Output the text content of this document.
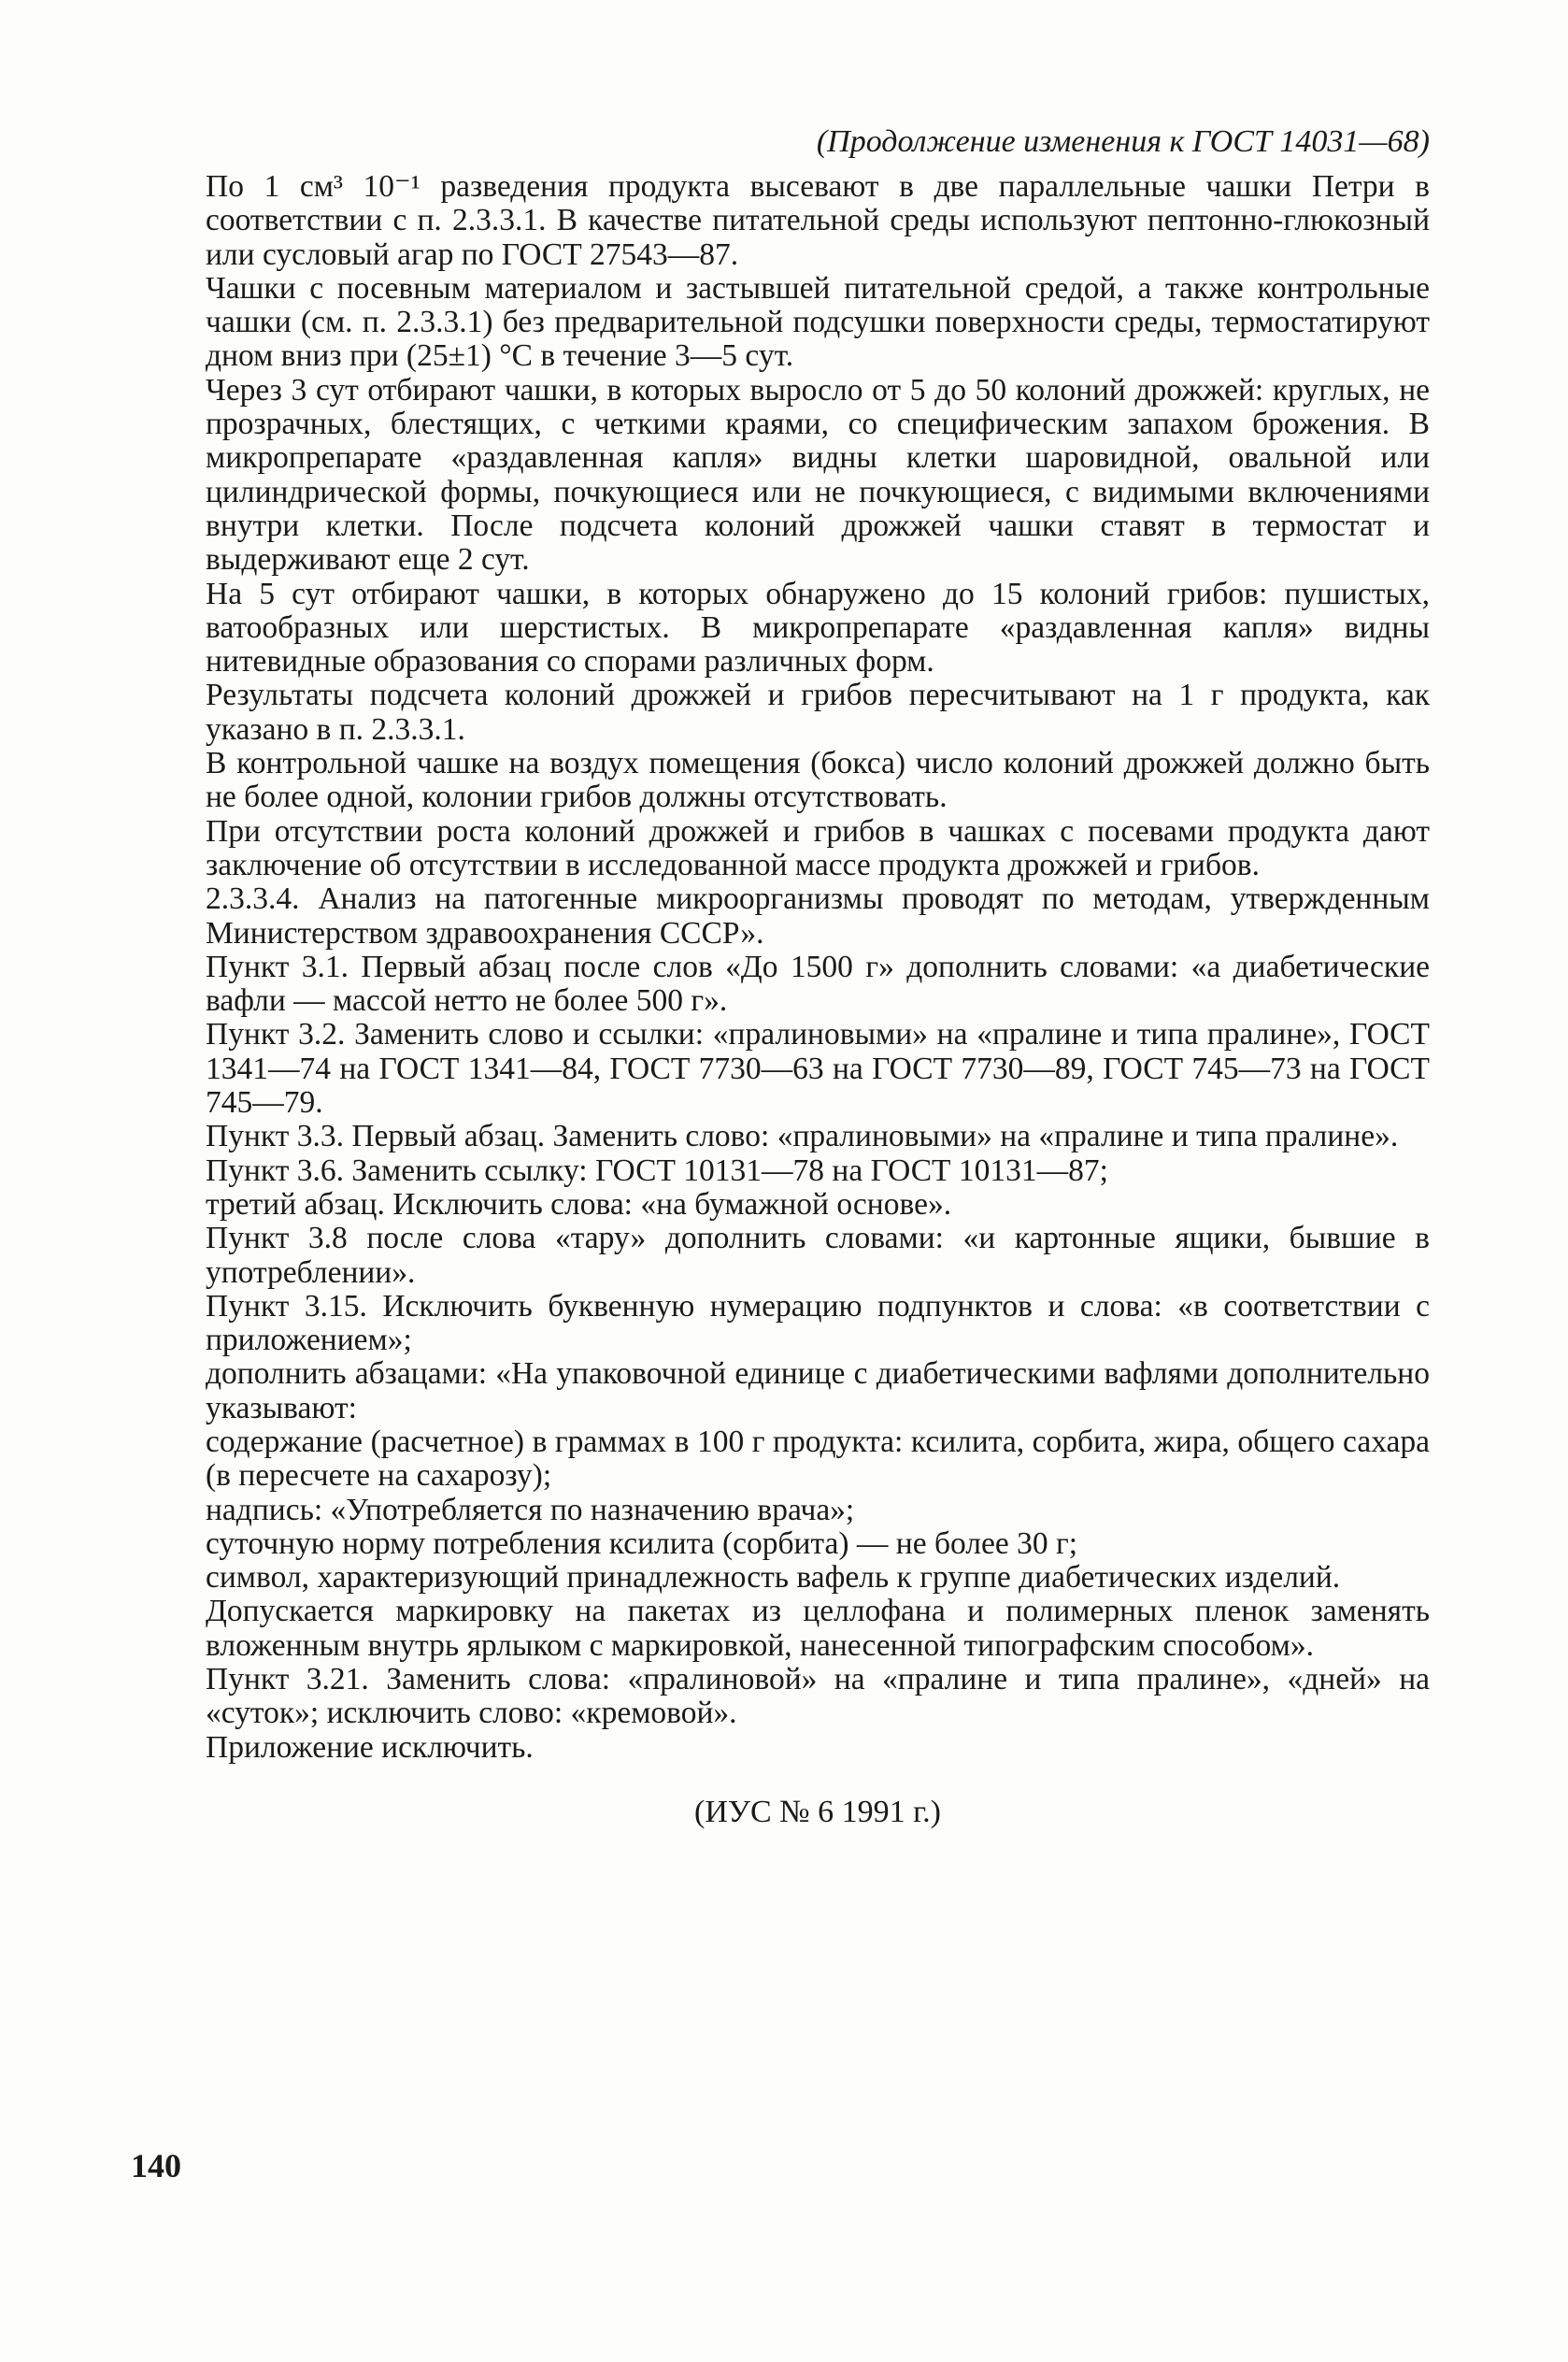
(Продолжение изменения к ГОСТ 14031—68)

По 1 см³ 10⁻¹ разведения продукта высевают в две параллельные чашки Петри в соответствии с п. 2.3.3.1. В качестве питательной среды используют пептонно-глюкозный или сусловый агар по ГОСТ 27543—87.

Чашки с посевным материалом и застывшей питательной средой, а также контрольные чашки (см. п. 2.3.3.1) без предварительной подсушки поверхности среды, термостатируют дном вниз при (25±1) °С в течение 3—5 сут.

Через 3 сут отбирают чашки, в которых выросло от 5 до 50 колоний дрожжей: круглых, не прозрачных, блестящих, с четкими краями, со специфическим запахом брожения. В микропрепарате «раздавленная капля» видны клетки шаровидной, овальной или цилиндрической формы, почкующиеся или не почкующиеся, с видимыми включениями внутри клетки. После подсчета колоний дрожжей чашки ставят в термостат и выдерживают еще 2 сут.

На 5 сут отбирают чашки, в которых обнаружено до 15 колоний грибов: пушистых, ватообразных или шерстистых. В микропрепарате «раздавленная капля» видны нитевидные образования со спорами различных форм.

Результаты подсчета колоний дрожжей и грибов пересчитывают на 1 г продукта, как указано в п. 2.3.3.1.

В контрольной чашке на воздух помещения (бокса) число колоний дрожжей должно быть не более одной, колонии грибов должны отсутствовать.

При отсутствии роста колоний дрожжей и грибов в чашках с посевами продукта дают заключение об отсутствии в исследованной массе продукта дрожжей и грибов.

2.3.3.4. Анализ на патогенные микроорганизмы проводят по методам, утвержденным Министерством здравоохранения СССР».

Пункт 3.1. Первый абзац после слов «До 1500 г» дополнить словами: «а диабетические вафли — массой нетто не более 500 г».

Пункт 3.2. Заменить слово и ссылки: «пралиновыми» на «пралине и типа пралине», ГОСТ 1341—74 на ГОСТ 1341—84, ГОСТ 7730—63 на ГОСТ 7730—89, ГОСТ 745—73 на ГОСТ 745—79.

Пункт 3.3. Первый абзац. Заменить слово: «пралиновыми» на «пралине и типа пралине».

Пункт 3.6. Заменить ссылку: ГОСТ 10131—78 на ГОСТ 10131—87;

третий абзац. Исключить слова: «на бумажной основе».

Пункт 3.8 после слова «тару» дополнить словами: «и картонные ящики, бывшие в употреблении».

Пункт 3.15. Исключить буквенную нумерацию подпунктов и слова: «в соответствии с приложением»;

дополнить абзацами: «На упаковочной единице с диабетическими вафлями дополнительно указывают:

содержание (расчетное) в граммах в 100 г продукта: ксилита, сорбита, жира, общего сахара (в пересчете на сахарозу);

надпись: «Употребляется по назначению врача»;

суточную норму потребления ксилита (сорбита) — не более 30 г;

символ, характеризующий принадлежность вафель к группе диабетических изделий.

Допускается маркировку на пакетах из целлофана и полимерных пленок заменять вложенным внутрь ярлыком с маркировкой, нанесенной типографским способом».

Пункт 3.21. Заменить слова: «пралиновой» на «пралине и типа пралине», «дней» на «суток»; исключить слово: «кремовой».

Приложение исключить.

(ИУС № 6 1991 г.)
140
